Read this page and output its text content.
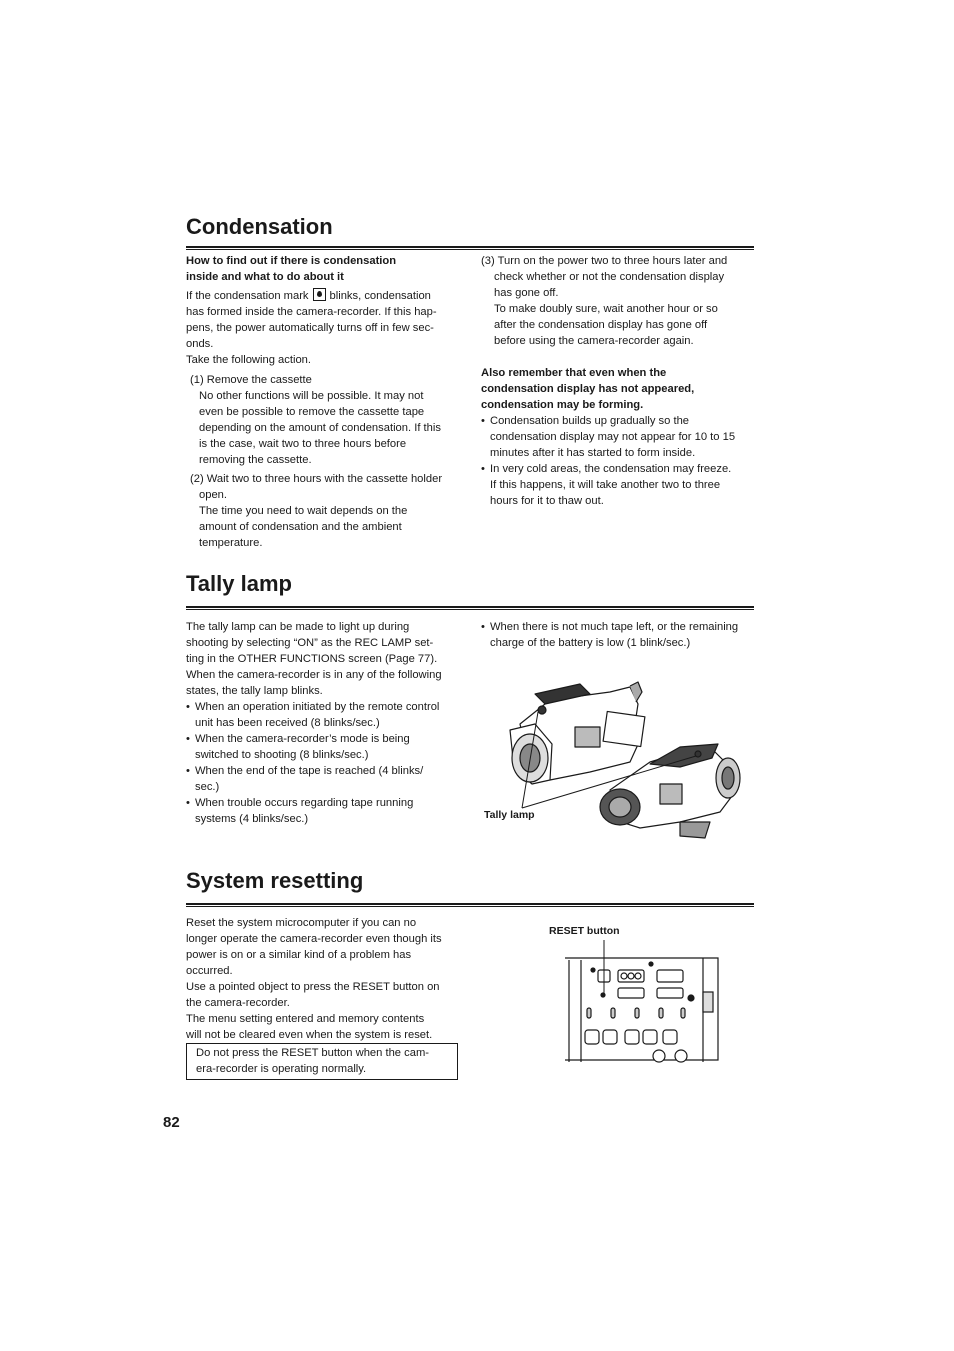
Condensation

How to find out if there is condensation

inside and what to do about it

If the condensation mark blinks, condensation

has formed inside the camera-recorder. If this hap-

pens, the power automatically turns off in few sec-

onds.

Take the following action.

(1) Remove the cassette

No other functions will be possible. It may not

even be possible to remove the cassette tape

depending on the amount of condensation. If this

is the case, wait two to three hours before

removing the cassette.

(2) Wait two to three hours with the cassette holder

open.

The time you need to wait depends on the

amount of condensation and the ambient

temperature.

(3) Turn on the power two to three hours later and

check whether or not the condensation display

has gone off.

To make doubly sure, wait another hour or so

after the condensation display has gone off

before using the camera-recorder again.

Also remember that even when the

condensation display has not appeared,

condensation may be forming.

• Condensation builds up gradually so the

condensation display may not appear for 10 to 15

minutes after it has started to form inside.

• In very cold areas, the condensation may freeze.

If this happens, it will take another two to three

hours for it to thaw out.

Tally lamp

The tally lamp can be made to light up during

shooting by selecting “ON” as the REC LAMP set-

ting in the OTHER FUNCTIONS screen (Page 77).

When the camera-recorder is in any of the following

states, the tally lamp blinks.

• When an operation initiated by the remote control

unit has been received (8 blinks/sec.)

• When the camera-recorder’s mode is being

switched to shooting (8 blinks/sec.)

• When the end of the tape is reached (4 blinks/

sec.)

• When trouble occurs regarding tape running

systems (4 blinks/sec.)

• When there is not much tape left, or the remaining

charge of the battery is low (1 blink/sec.)

Tally lamp
System resetting

Reset the system microcomputer if you can no

longer operate the camera-recorder even though its

power is on or a similar kind of a problem has

occurred.

Use a pointed object to press the RESET button on

the camera-recorder.

The menu setting entered and memory contents

will not be cleared even when the system is reset.

Do not press the RESET button when the cam-

era-recorder is operating normally.

RESET button
82
